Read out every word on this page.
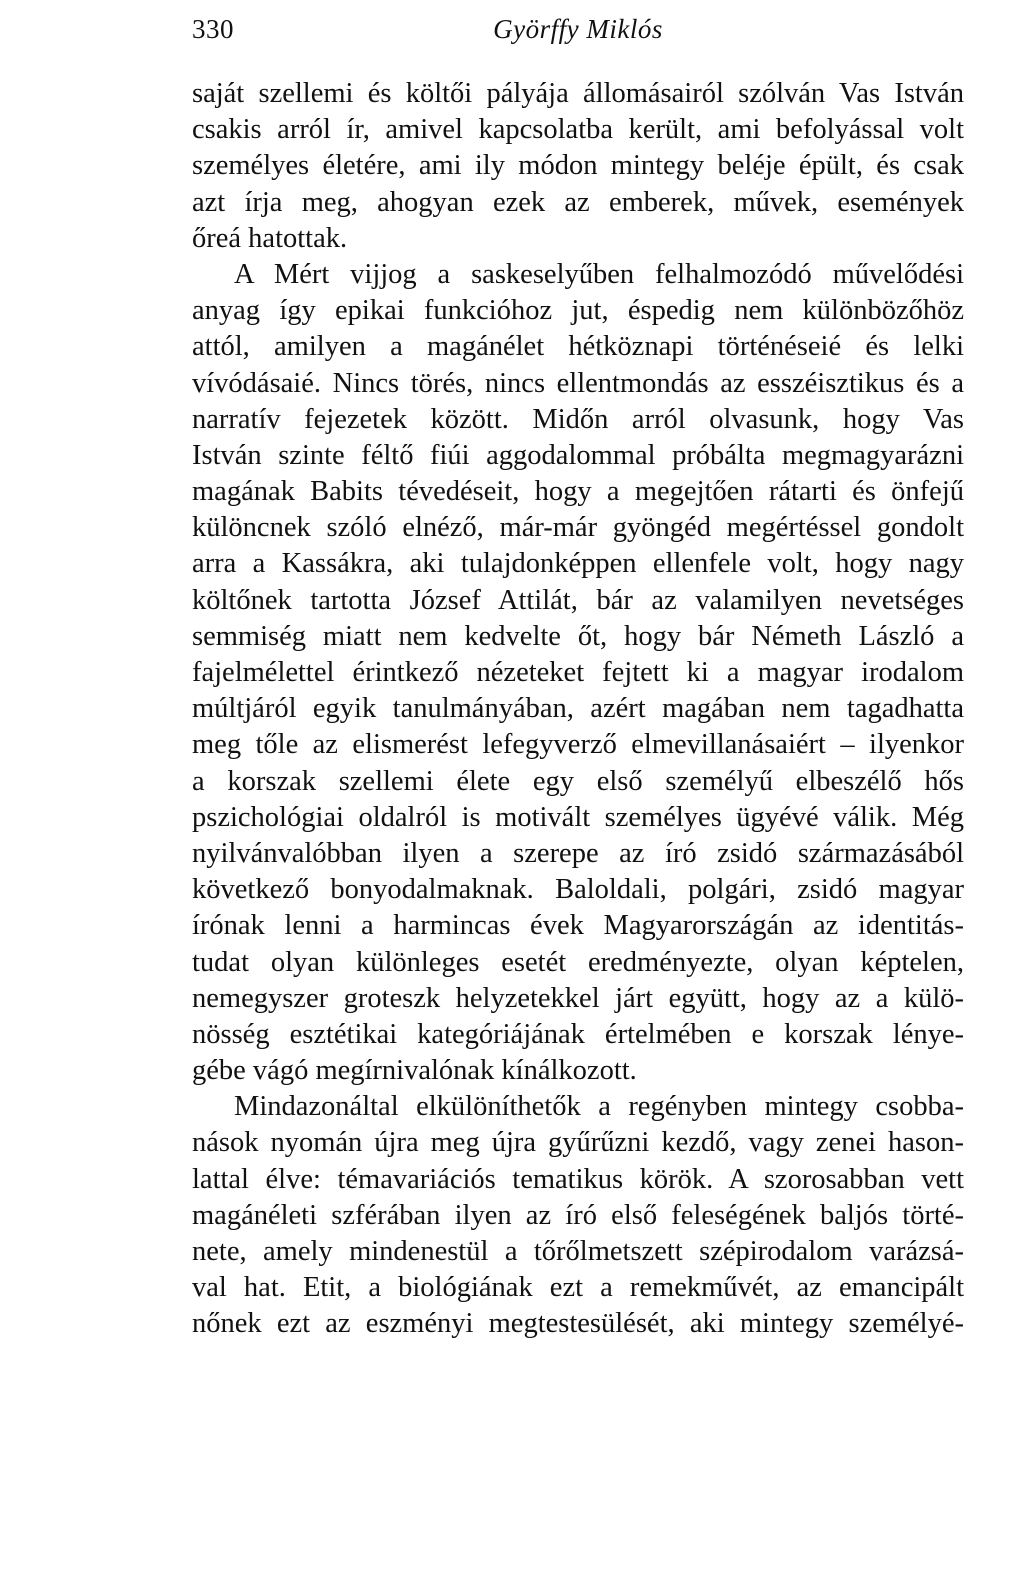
330	Györffy Miklós
saját szellemi és költői pályája állomásairól szólván Vas István
csakis arról ír, amivel kapcsolatba került, ami befolyással volt
személyes életére, ami ily módon mintegy beléje épült, és csak
azt írja meg, ahogyan ezek az emberek, művek, események
őreá hatottak.
A Mért vijjog a saskeselyűben felhalmozódó művelődési
anyag így epikai funkcióhoz jut, éspedig nem különbözőhöz
attól, amilyen a magánélet hétköznapi történéseié és lelki
vívódásaié. Nincs törés, nincs ellentmondás az esszéisztikus és a
narratív fejezetek között. Midőn arról olvasunk, hogy Vas
István szinte féltő fiúi aggodalommal próbálta megmagyarázni
magának Babits tévedéseit, hogy a megejtően rátarti és önfejű
különcnek szóló elnéző, már-már gyöngéd megértéssel gondolt
arra a Kassákra, aki tulajdonképpen ellenfele volt, hogy nagy
költőnek tartotta József Attilát, bár az valamilyen nevetséges
semmiség miatt nem kedvelte őt, hogy bár Németh László a
fajelmélettel érintkező nézeteket fejtett ki a magyar irodalom
múltjáról egyik tanulmányában, azért magában nem tagadhatta
meg tőle az elismerést lefegyverző elmevillanásaiért – ilyenkor
a korszak szellemi élete egy első személyű elbeszélő hős
pszichológiai oldalról is motivált személyes ügyévé válik. Még
nyilvánvalóbban ilyen a szerepe az író zsidó származásából
következő bonyodalmaknak. Baloldali, polgári, zsidó magyar
írónak lenni a harmincas évek Magyarországán az identitás-
tudat olyan különleges esetét eredményezte, olyan képtelen,
nemegyszer groteszk helyzetekkel járt együtt, hogy az a külö-
nösség esztétikai kategóriájának értelmében e korszak lénye-
gébe vágó megírnivalónak kínálkozott.
Mindazonáltal elkülöníthetők a regényben mintegy csobba-
nások nyomán újra meg újra gyűrűzni kezdő, vagy zenei hason-
lattal élve: témavariációs tematikus körök. A szorosabban vett
magánéleti szférában ilyen az író első feleségének baljós törté-
nete, amely mindenestül a tőrőlmetszett szépirodalom varázsá-
val hat. Etit, a biológiának ezt a remekművét, az emancipált
nőnek ezt az eszményi megtestesülését, aki mintegy személyé-
